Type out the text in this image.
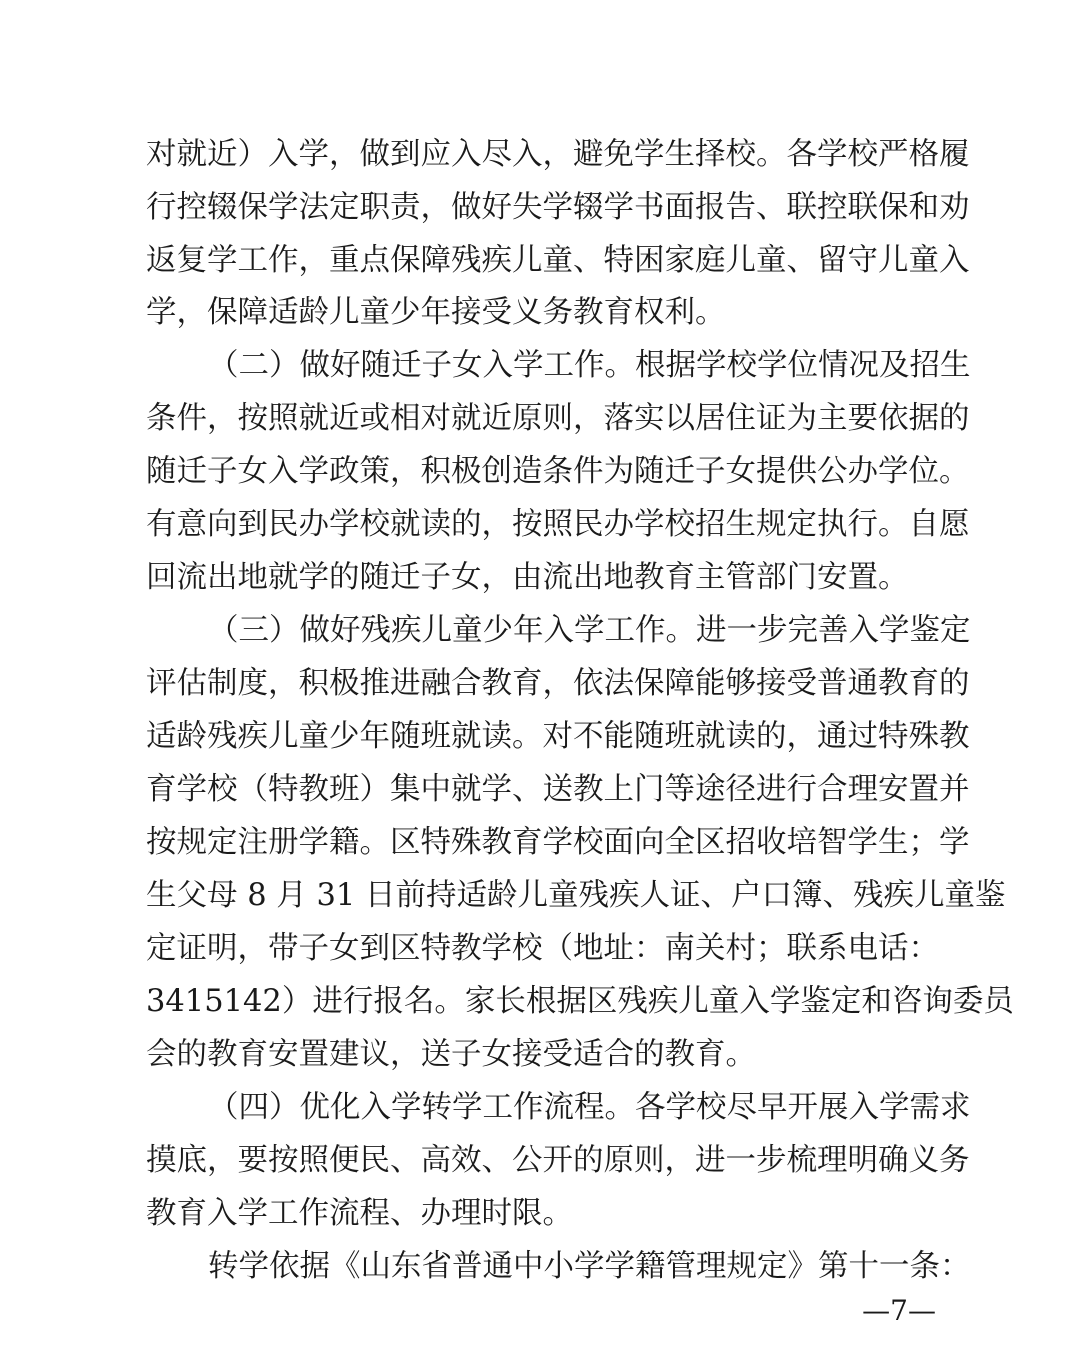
对就近）入学，做到应入尽入，避免学生择校。各学校严格履
行控辍保学法定职责，做好失学辍学书面报告、联控联保和劝
返复学工作，重点保障残疾儿童、特困家庭儿童、留守儿童入
学，保障适龄儿童少年接受义务教育权利。
（二）做好随迁子女入学工作。根据学校学位情况及招生
条件，按照就近或相对就近原则，落实以居住证为主要依据的
随迁子女入学政策，积极创造条件为随迁子女提供公办学位。
有意向到民办学校就读的，按照民办学校招生规定执行。自愿
回流出地就学的随迁子女，由流出地教育主管部门安置。
（三）做好残疾儿童少年入学工作。进一步完善入学鉴定
评估制度，积极推进融合教育，依法保障能够接受普通教育的
适龄残疾儿童少年随班就读。对不能随班就读的，通过特殊教
育学校（特教班）集中就学、送教上门等途径进行合理安置并
按规定注册学籍。区特殊教育学校面向全区招收培智学生；学
生父母 8 月 31 日前持适龄儿童残疾人证、户口簿、残疾儿童鉴
定证明，带子女到区特教学校（地址：南关村；联系电话：
3415142）进行报名。家长根据区残疾儿童入学鉴定和咨询委员
会的教育安置建议，送子女接受适合的教育。
（四）优化入学转学工作流程。各学校尽早开展入学需求
摸底，要按照便民、高效、公开的原则，进一步梳理明确义务
教育入学工作流程、办理时限。
转学依据《山东省普通中小学学籍管理规定》第十一条：
—7—
